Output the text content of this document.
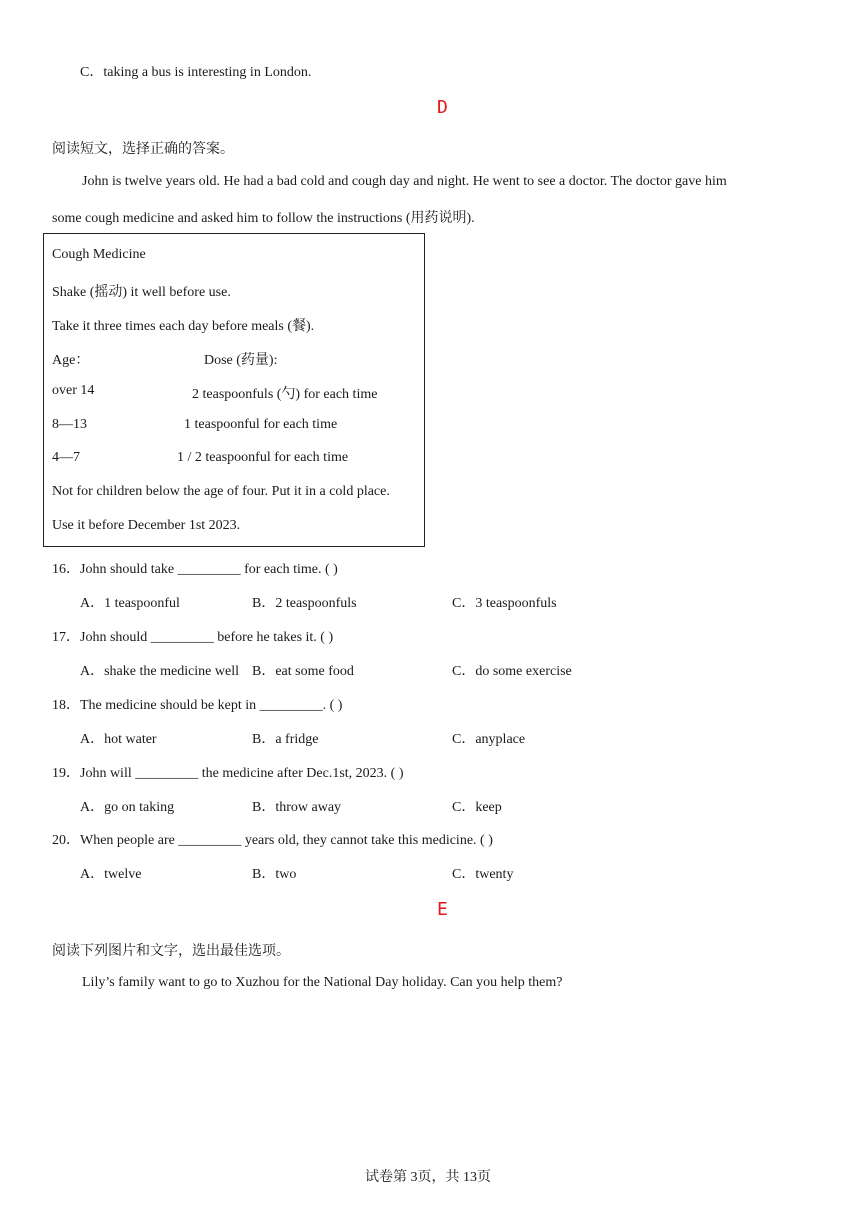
C．taking a bus is interesting in London.
D
阅读短文，选择正确的答案。
John is twelve years old. He had a bad cold and cough day and night. He went to see a doctor. The doctor gave him
some cough medicine and asked him to follow the instructions (用药说明).
Cough Medicine
Shake (摇动) it well before use.
Take it three times each day before meals (餐).
Age：	Dose (药量):
over 14	2 teaspoonfuls (勺) for each time
8—13	1 teaspoonful for each time
4—7	1 / 2 teaspoonful for each time
Not for children below the age of four. Put it in a cold place.
Use it before December 1st 2023.
16．John should take _________ for each time. ( )
A．1 teaspoonful	B．2 teaspoonfuls	C．3 teaspoonfuls
17．John should _________ before he takes it. ( )
A．shake the medicine well B．eat some food	C．do some exercise
18．The medicine should be kept in _________. ( )
A．hot water	B．a fridge	C．anyplace
19．John will _________ the medicine after Dec.1st, 2023. ( )
A．go on taking	B．throw away	C．keep
20．When people are _________ years old, they cannot take this medicine. ( )
A．twelve	B．two	C．twenty
E
阅读下列图片和文字，选出最佳选项。
Lily’s family want to go to Xuzhou for the National Day holiday. Can you help them?
试卷第 3页，共 13页
